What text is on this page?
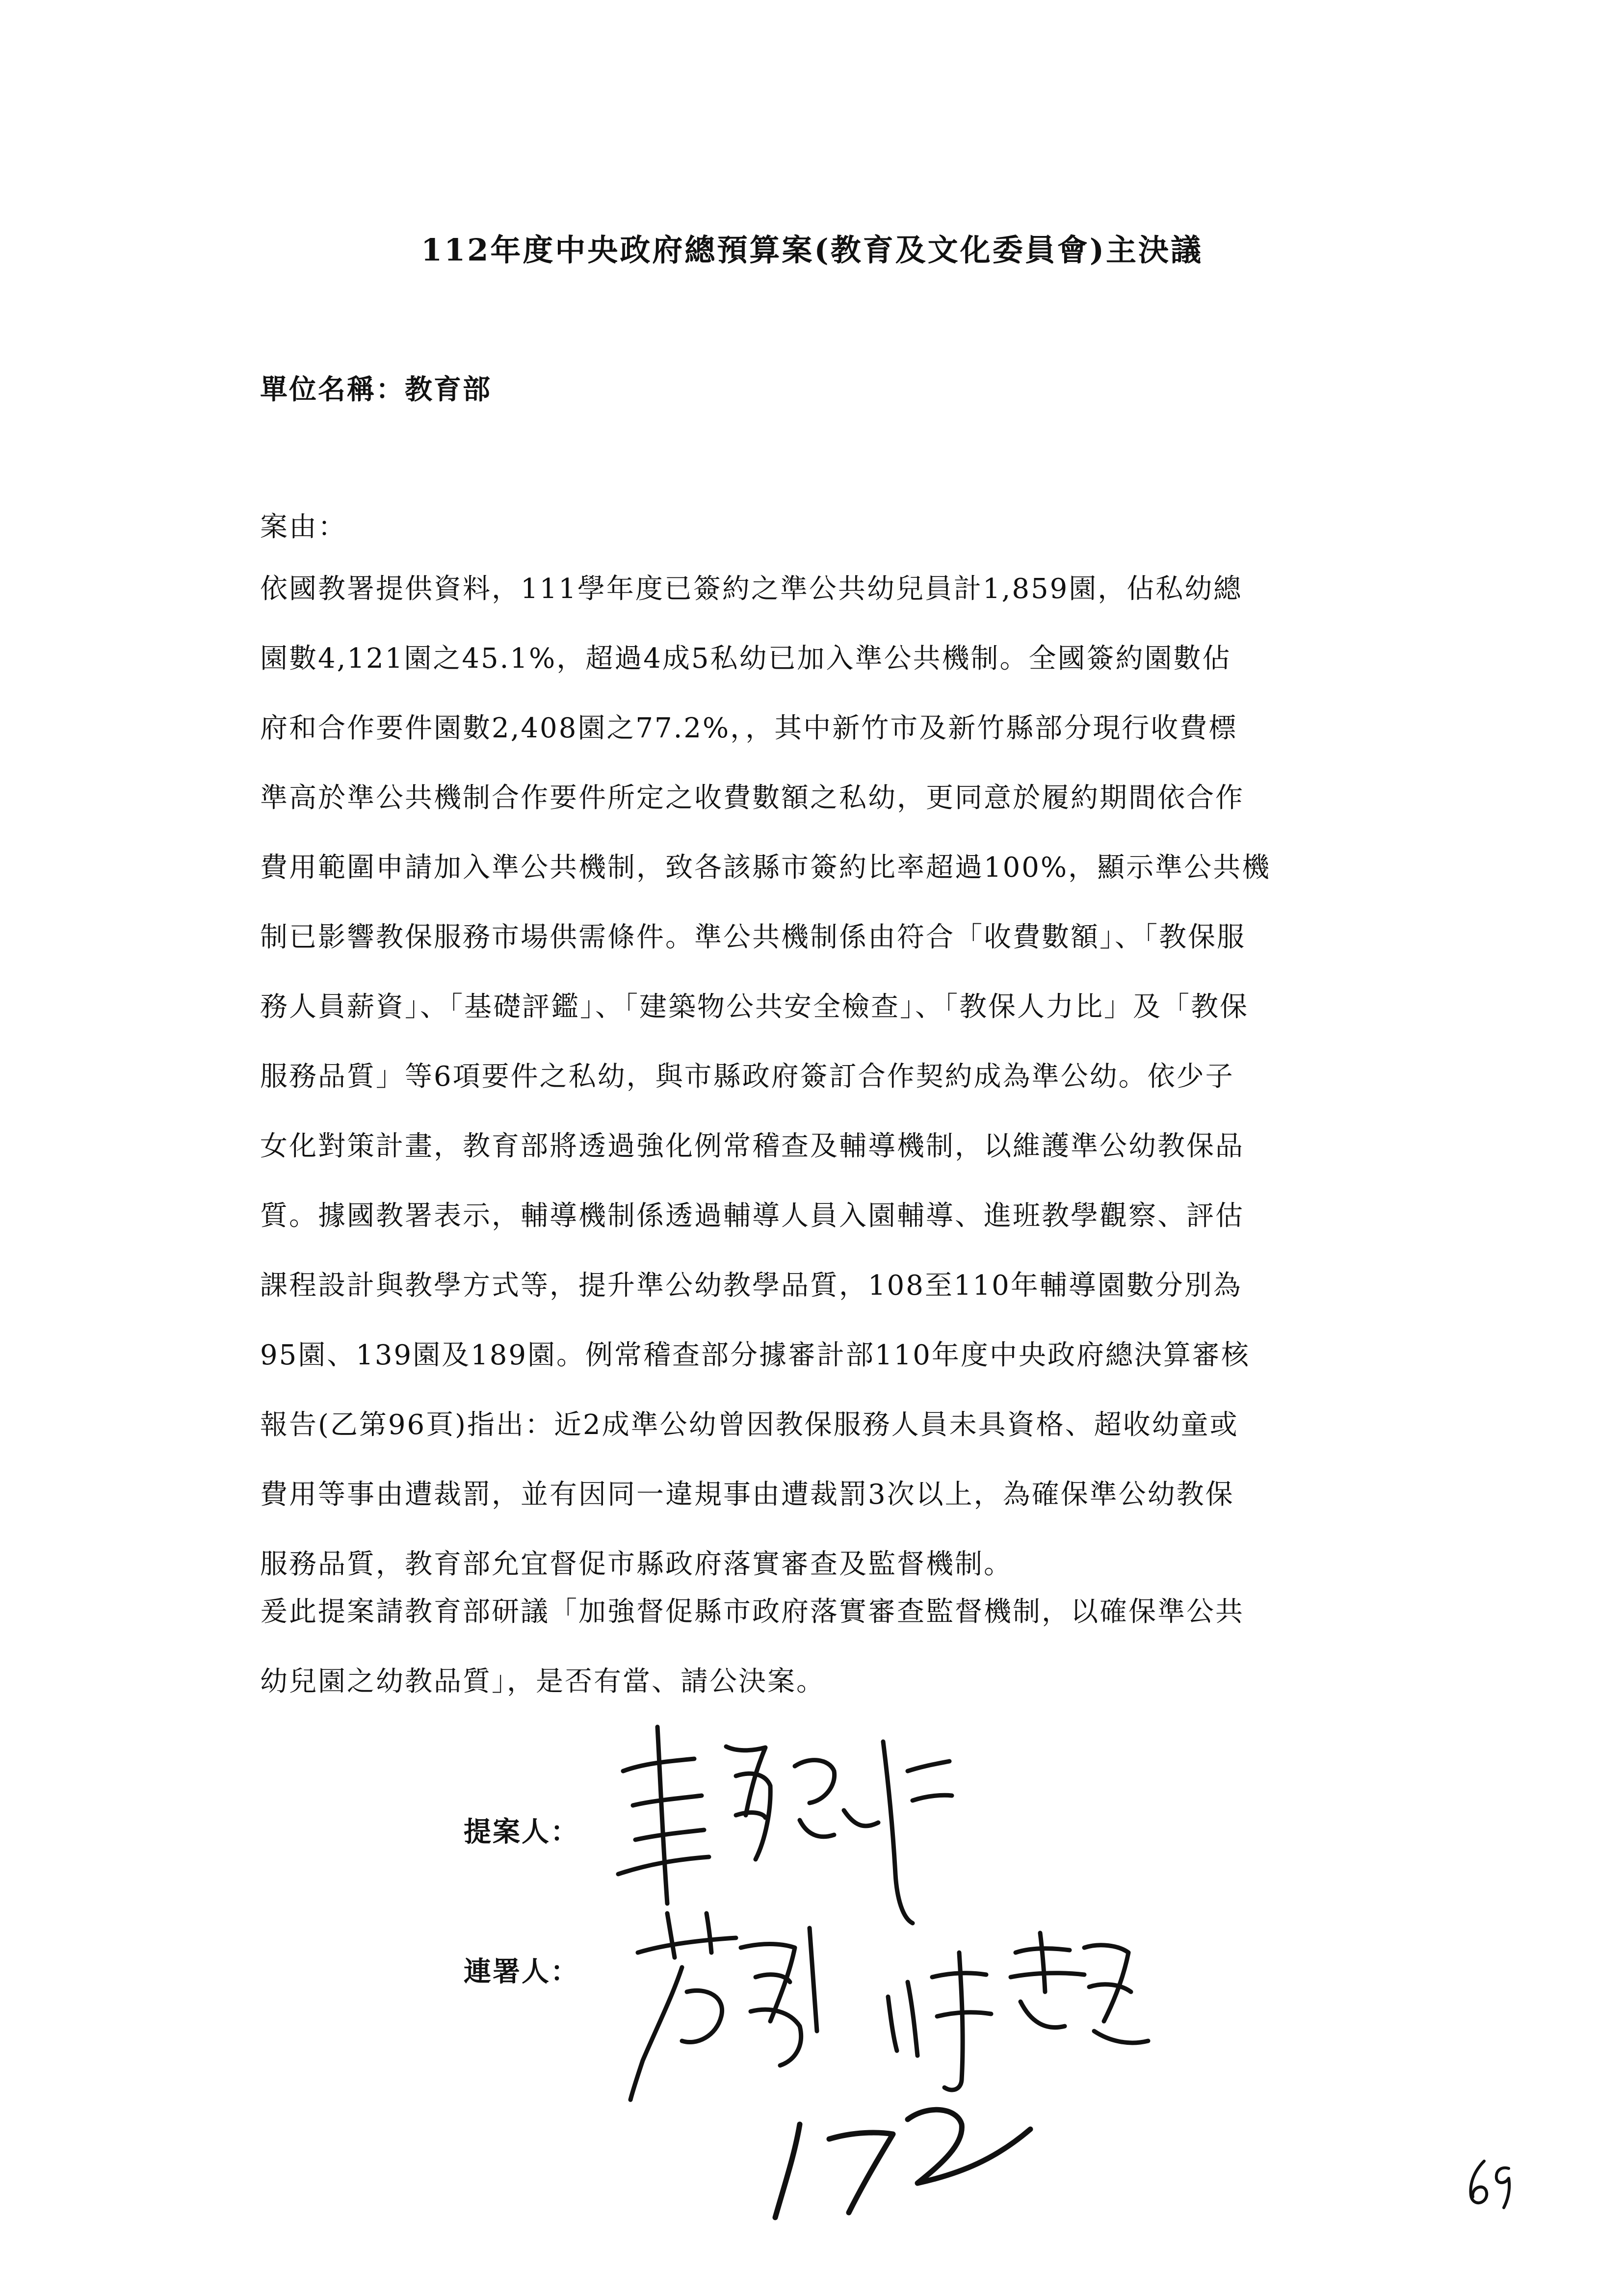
112年度中央政府總預算案(教育及文化委員會)主決議
單位名稱：教育部
案由：
依國教署提供資料，111學年度已簽約之準公共幼兒員計1,859園，佔私幼總
園數4,121園之45.1%，超過4成5私幼已加入準公共機制。全國簽約園數佔
府和合作要件園數2,408園之77.2%，，其中新竹市及新竹縣部分現行收費標
準高於準公共機制合作要件所定之收費數額之私幼，更同意於履約期間依合作
費用範圍申請加入準公共機制，致各該縣市簽約比率超過100%，顯示準公共機
制已影響教保服務市場供需條件。準公共機制係由符合「收費數額」、「教保服
務人員薪資」、「基礎評鑑」、「建築物公共安全檢查」、「教保人力比」及「教保
服務品質」等6項要件之私幼，與市縣政府簽訂合作契約成為準公幼。依少子
女化對策計畫，教育部將透過強化例常稽查及輔導機制，以維護準公幼教保品
質。據國教署表示，輔導機制係透過輔導人員入園輔導、進班教學觀察、評估
課程設計與教學方式等，提升準公幼教學品質，108至110年輔導園數分別為
95園、139園及189園。例常稽查部分據審計部110年度中央政府總決算審核
報告(乙第96頁)指出：近2成準公幼曾因教保服務人員未具資格、超收幼童或
費用等事由遭裁罰，並有因同一違規事由遭裁罰3次以上，為確保準公幼教保
服務品質，教育部允宜督促市縣政府落實審查及監督機制。
爰此提案請教育部研議「加強督促縣市政府落實審查監督機制，以確保準公共
幼兒園之幼教品質」，是否有當、請公決案。
提案人：
連署人：
